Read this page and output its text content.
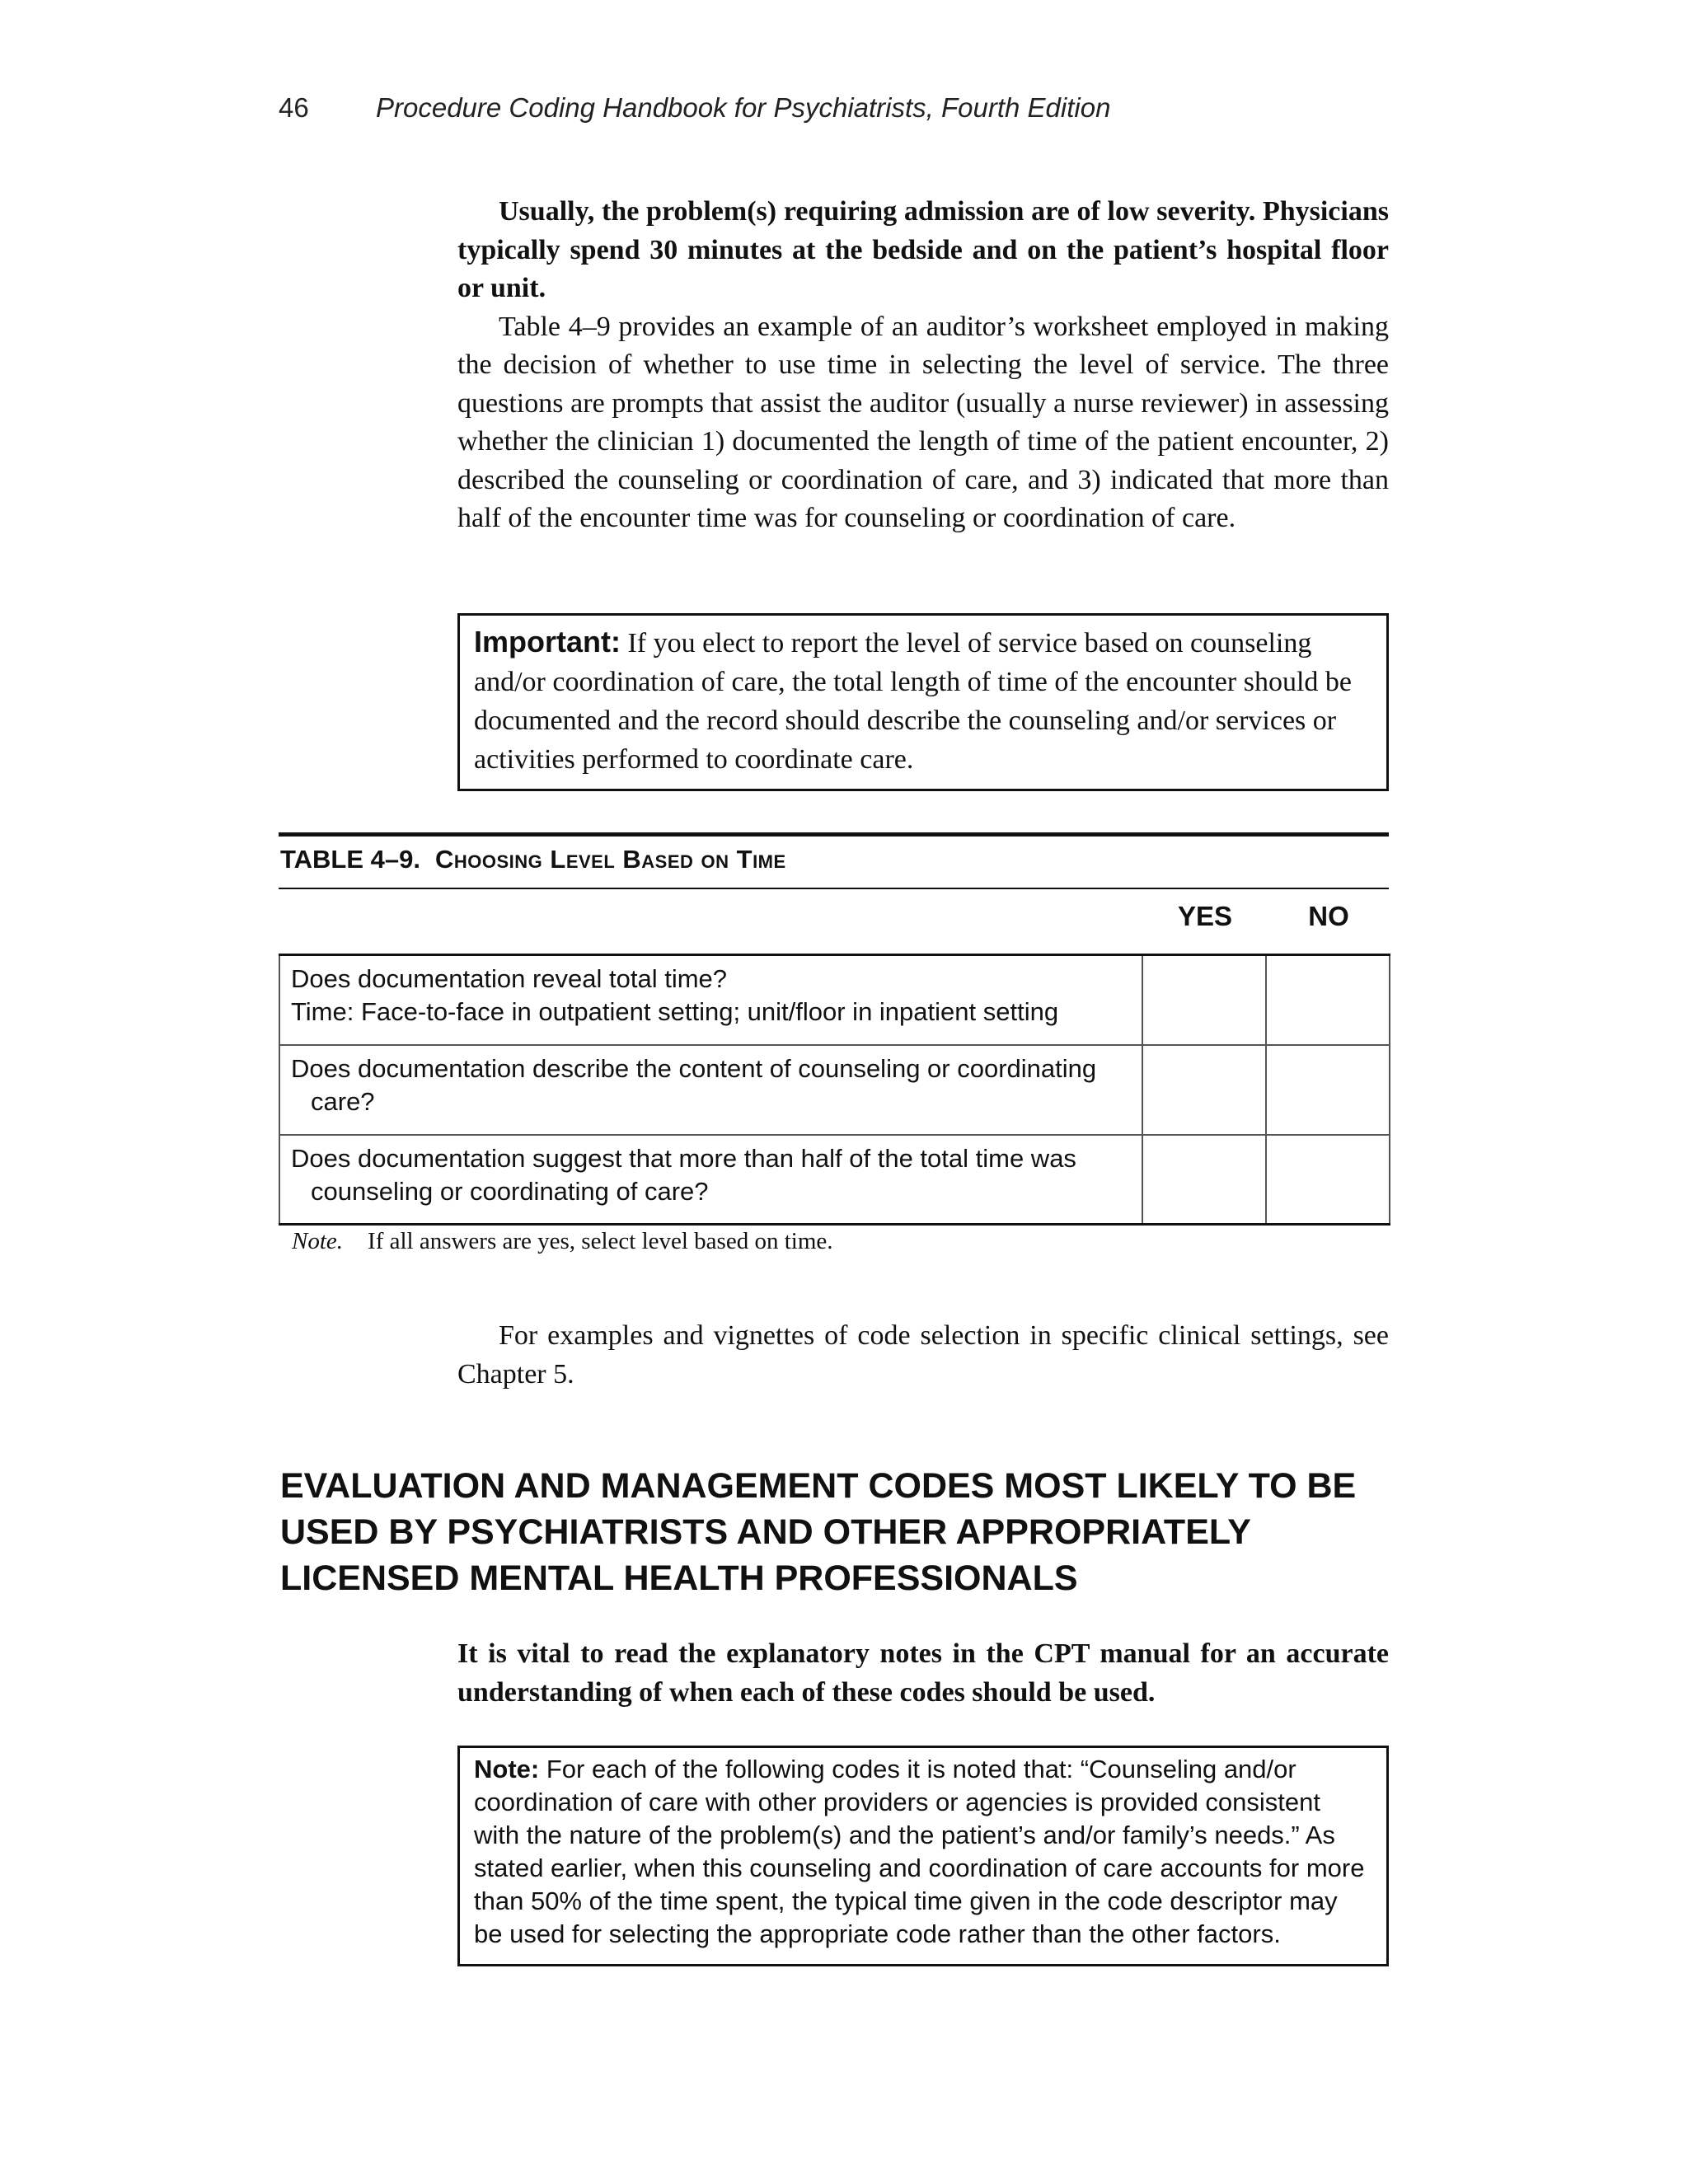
46 Procedure Coding Handbook for Psychiatrists, Fourth Edition

Usually, the problem(s) requiring admission are of low severity. Physicians typically spend 30 minutes at the bedside and on the patient’s hospital floor or unit.

Table 4–9 provides an example of an auditor’s worksheet employed in making the decision of whether to use time in selecting the level of service. The three questions are prompts that assist the auditor (usually a nurse reviewer) in assessing whether the clinician 1) documented the length of time of the patient encounter, 2) described the counseling or coordination of care, and 3) indicated that more than half of the encounter time was for counseling or coordination of care.

Important: If you elect to report the level of service based on counseling and/or coordination of care, the total length of time of the encounter should be documented and the record should describe the counseling and/or services or activities performed to coordinate care.
TABLE 4–9. Choosing Level Based on Time
YES	NO
Does documentation reveal total time?
Time: Face-to-face in outpatient setting; unit/floor in inpatient setting		

Does documentation describe the content of counseling or coordinating
care?		

Does documentation suggest that more than half of the total time was
counseling or coordinating of care?		

Note. If all answers are yes, select level based on time.

For examples and vignettes of code selection in specific clinical settings, see Chapter 5.

EVALUATION AND MANAGEMENT CODES MOST LIKELY TO BE USED BY PSYCHIATRISTS AND OTHER APPROPRIATELY LICENSED MENTAL HEALTH PROFESSIONALS

It is vital to read the explanatory notes in the CPT manual for an accurate understanding of when each of these codes should be used.

Note: For each of the following codes it is noted that: “Counseling and/or coordination of care with other providers or agencies is provided consistent with the nature of the problem(s) and the patient’s and/or family’s needs.” As stated earlier, when this counseling and coordination of care accounts for more than 50% of the time spent, the typical time given in the code descriptor may be used for selecting the appropriate code rather than the other factors.
